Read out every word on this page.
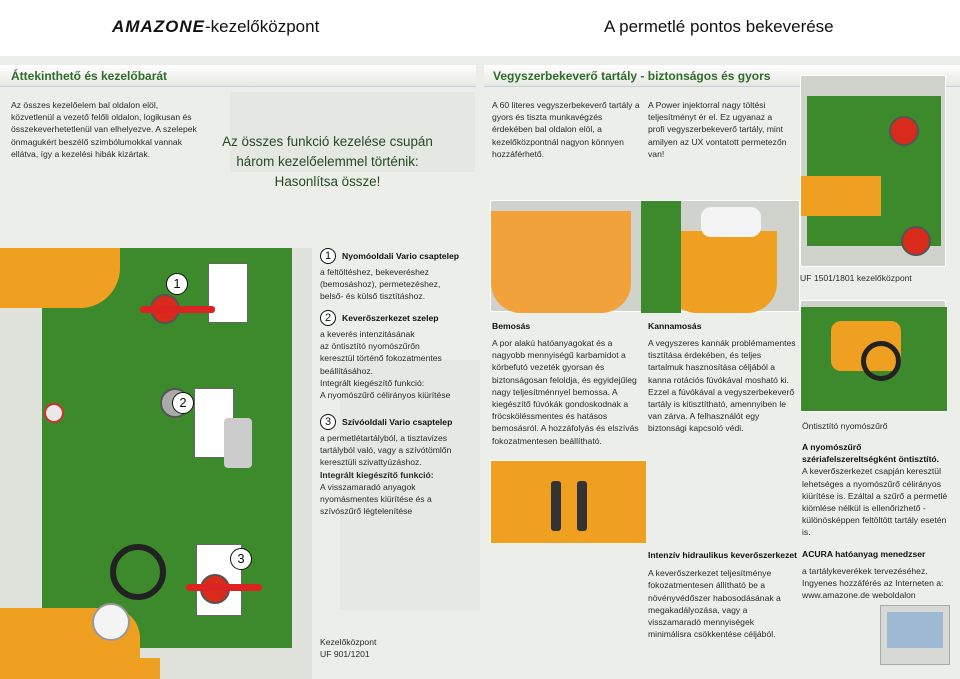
AMAZONE-kezelőközpont	A permetlé pontos bekeverése
Áttekinthető és kezelőbarát	Vegyszerbekeverő tartály - biztonságos és gyors
Az összes kezelőelem bal oldalon elöl, közvetlenül a vezető felőli oldalon, logikusan és összekeverhetetlenül van elhelyezve. A szelepek önmagukért beszélő szimbólumokkal vannak ellátva, így a kezelési hibák kizártak.
Az összes funkció kezelése csupán
három kezelőelemmel történik:
Hasonlítsa össze!
1
2
3
1	Nyomóoldali Vario csaptelep
a feltöltéshez, bekeveréshez
(bemosáshoz), permetezéshez,
belső- és külső tisztításhoz.
2	Keverőszerkezet szelep
a keverés intenzitásának
az öntisztító nyomószűrőn
keresztül történő fokozatmentes
beállításához.
Integrált kiegészítő funkció:
A nyomószűrő célirányos kiürítése
3	Szívóoldali Vario csaptelep
a permetlétartályból, a tisztavizes
tartályból való, vagy a szívótömlőn
keresztüli szivattyúzáshoz.
Integrált kiegészítő funkció:
A visszamaradó anyagok
nyomásmentes kiürítése és a
szívószűrő légtelenítése
Kezelőközpont
UF 901/1201
A 60 literes vegyszerbekeverő tartály a gyors és tiszta munkavégzés érdekében bal oldalon elöl, a kezelőközpontnál nagyon könnyen hozzáférhető.
A Power injektorral nagy töltési teljesítményt ér el. Ez ugyanaz a profi vegyszerbekeverő tartály, mint amilyen az UX vontatott permetezőn van!
UF 1501/1801 kezelőközpont
Bemosás
A por alakú hatóanyagokat és a nagyobb mennyiségű karbamidot a körbefutó vezeték gyorsan és biztonságosan feloldja, és egyidejűleg nagy teljesítménnyel bemossa. A kiegészítő fúvókák gondoskodnak a fröcsköléssmentes és hatásos bemosásról. A hozzáfolyás és elszívás fokozatmentesen beállítható.
Kannamosás
A vegyszeres kannák problémamentes tisztítása érdekében, és teljes tartalmuk hasznosítása céljából a kanna rotációs fúvókával mosható ki. Ezzel a fúvókával a vegyszerbekeverő tartály is kitisztítható, amennyiben le van zárva. A felhasználót egy biztonsági kapcsoló védi.	Öntisztító nyomószűrő
A nyomószűrő szériafelszereltségként öntisztító.
A keverőszerkezet csapján keresztül lehetséges a nyomószűrő célirányos kiürítése is. Ezáltal a szűrő a permetlé kiömlése nélkül is ellenőrizhető - különösképpen feltöltött tartály esetén is.
Intenzív hidraulikus keverőszerkezet
A keverőszerkezet teljesítménye fokozatmentesen állítható be a növényvédőszer habosodásának a megakadályozása, vagy a visszamaradó mennyiségek minimálisra csökkentése céljából.
ACURA hatóanyag menedzser
a tartálykeverékek tervezéséhez. Ingyenes hozzáférés az Interneten a: www.amazone.de weboldalon
